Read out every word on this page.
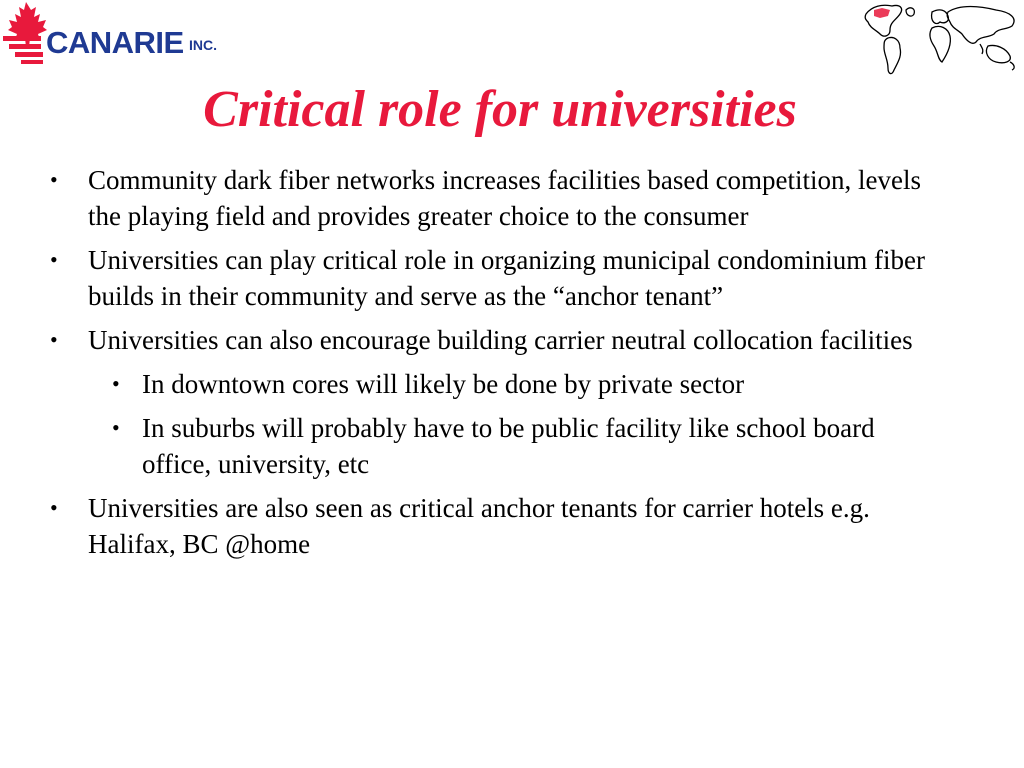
CANARIE INC.
Critical role for universities
• Community dark fiber networks increases facilities based competition, levels the playing field and provides greater choice to the consumer
• Universities can play critical role in organizing municipal condominium fiber builds in their community and serve as the “anchor tenant”
• Universities can also encourage building carrier neutral collocation facilities
• In downtown cores will likely be done by private sector
• In suburbs will probably have to be public facility like school board office, university, etc
• Universities are also seen as critical anchor tenants for carrier hotels e.g. Halifax, BC @home
